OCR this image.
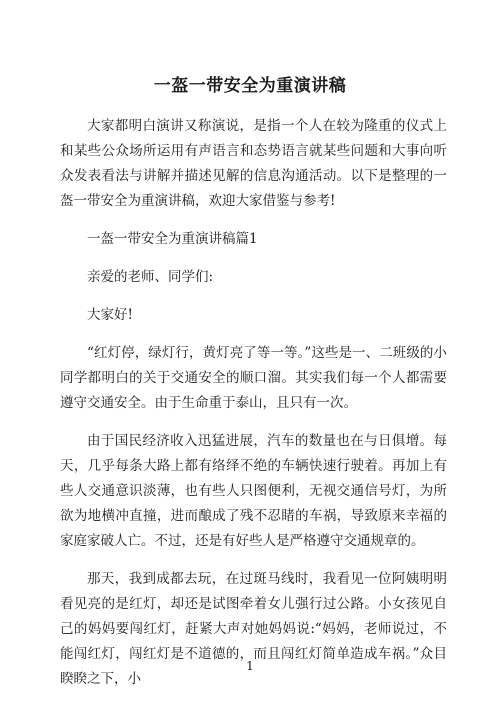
一盔一带安全为重演讲稿

大家都明白演讲又称演说，是指一个人在较为隆重的仪式上和某些公众场所运用有声语言和态势语言就某些问题和大事向听众发表看法与讲解并描述见解的信息沟通活动。以下是整理的一盔一带安全为重演讲稿，欢迎大家借鉴与参考!

一盔一带安全为重演讲稿篇1

亲爱的老师、同学们:

大家好!

“红灯停，绿灯行，黄灯亮了等一等。”这些是一、二班级的小同学都明白的关于交通安全的顺口溜。其实我们每一个人都需要遵守交通安全。由于生命重于泰山，且只有一次。

由于国民经济收入迅猛进展，汽车的数量也在与日俱增。每天，几乎每条大路上都有络绎不绝的车辆快速行驶着。再加上有些人交通意识淡薄，也有些人只图便利，无视交通信号灯，为所欲为地横冲直撞，进而酿成了残不忍睹的车祸，导致原来幸福的家庭家破人亡。不过，还是有好些人是严格遵守交通规章的。

那天，我到成都去玩，在过斑马线时，我看见一位阿姨明明看见亮的是红灯，却还是试图牵着女儿强行过公路。小女孩见自己的妈妈要闯红灯，赶紧大声对她妈妈说:“妈妈，老师说过，不能闯红灯，闯红灯是不道德的，而且闯红灯简单造成车祸。”众目睽睽之下，小

1
